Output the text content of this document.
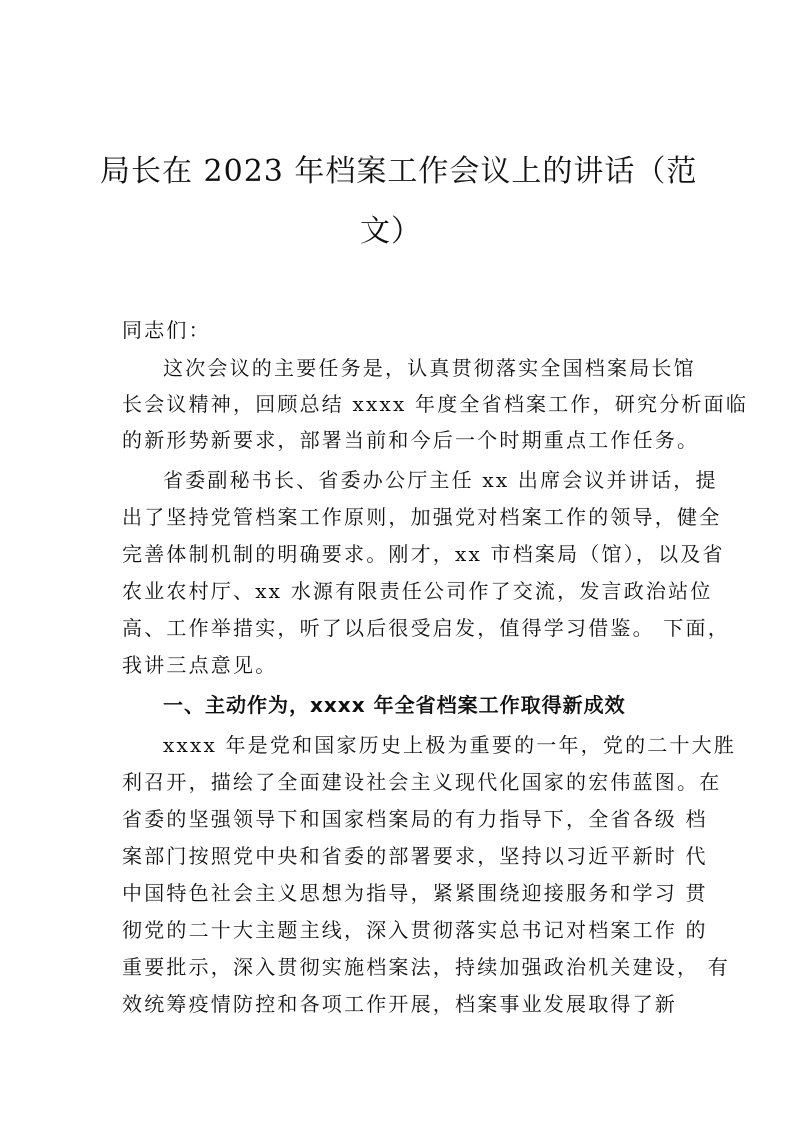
局长在 2023 年档案工作会议上的讲话（范
文）
同志们：
这次会议的主要任务是，认真贯彻落实全国档案局长馆
长会议精神，回顾总结 xxxx 年度全省档案工作，研究分析面临
的新形势新要求，部署当前和今后一个时期重点工作任务。
省委副秘书长、省委办公厅主任 xx 出席会议并讲话，提
出了坚持党管档案工作原则，加强党对档案工作的领导，健全
完善体制机制的明确要求。刚才，xx 市档案局（馆），以及省
农业农村厅、xx 水源有限责任公司作了交流，发言政治站位
高、工作举措实，听了以后很受启发，值得学习借鉴。 下面，
我讲三点意见。
一、主动作为，xxxx 年全省档案工作取得新成效
xxxx 年是党和国家历史上极为重要的一年，党的二十大胜
利召开，描绘了全面建设社会主义现代化国家的宏伟蓝图。在
省委的坚强领导下和国家档案局的有力指导下，全省各级 档
案部门按照党中央和省委的部署要求，坚持以习近平新时 代
中国特色社会主义思想为指导，紧紧围绕迎接服务和学习 贯
彻党的二十大主题主线，深入贯彻落实总书记对档案工作 的
重要批示，深入贯彻实施档案法，持续加强政治机关建设， 有
效统筹疫情防控和各项工作开展，档案事业发展取得了新
